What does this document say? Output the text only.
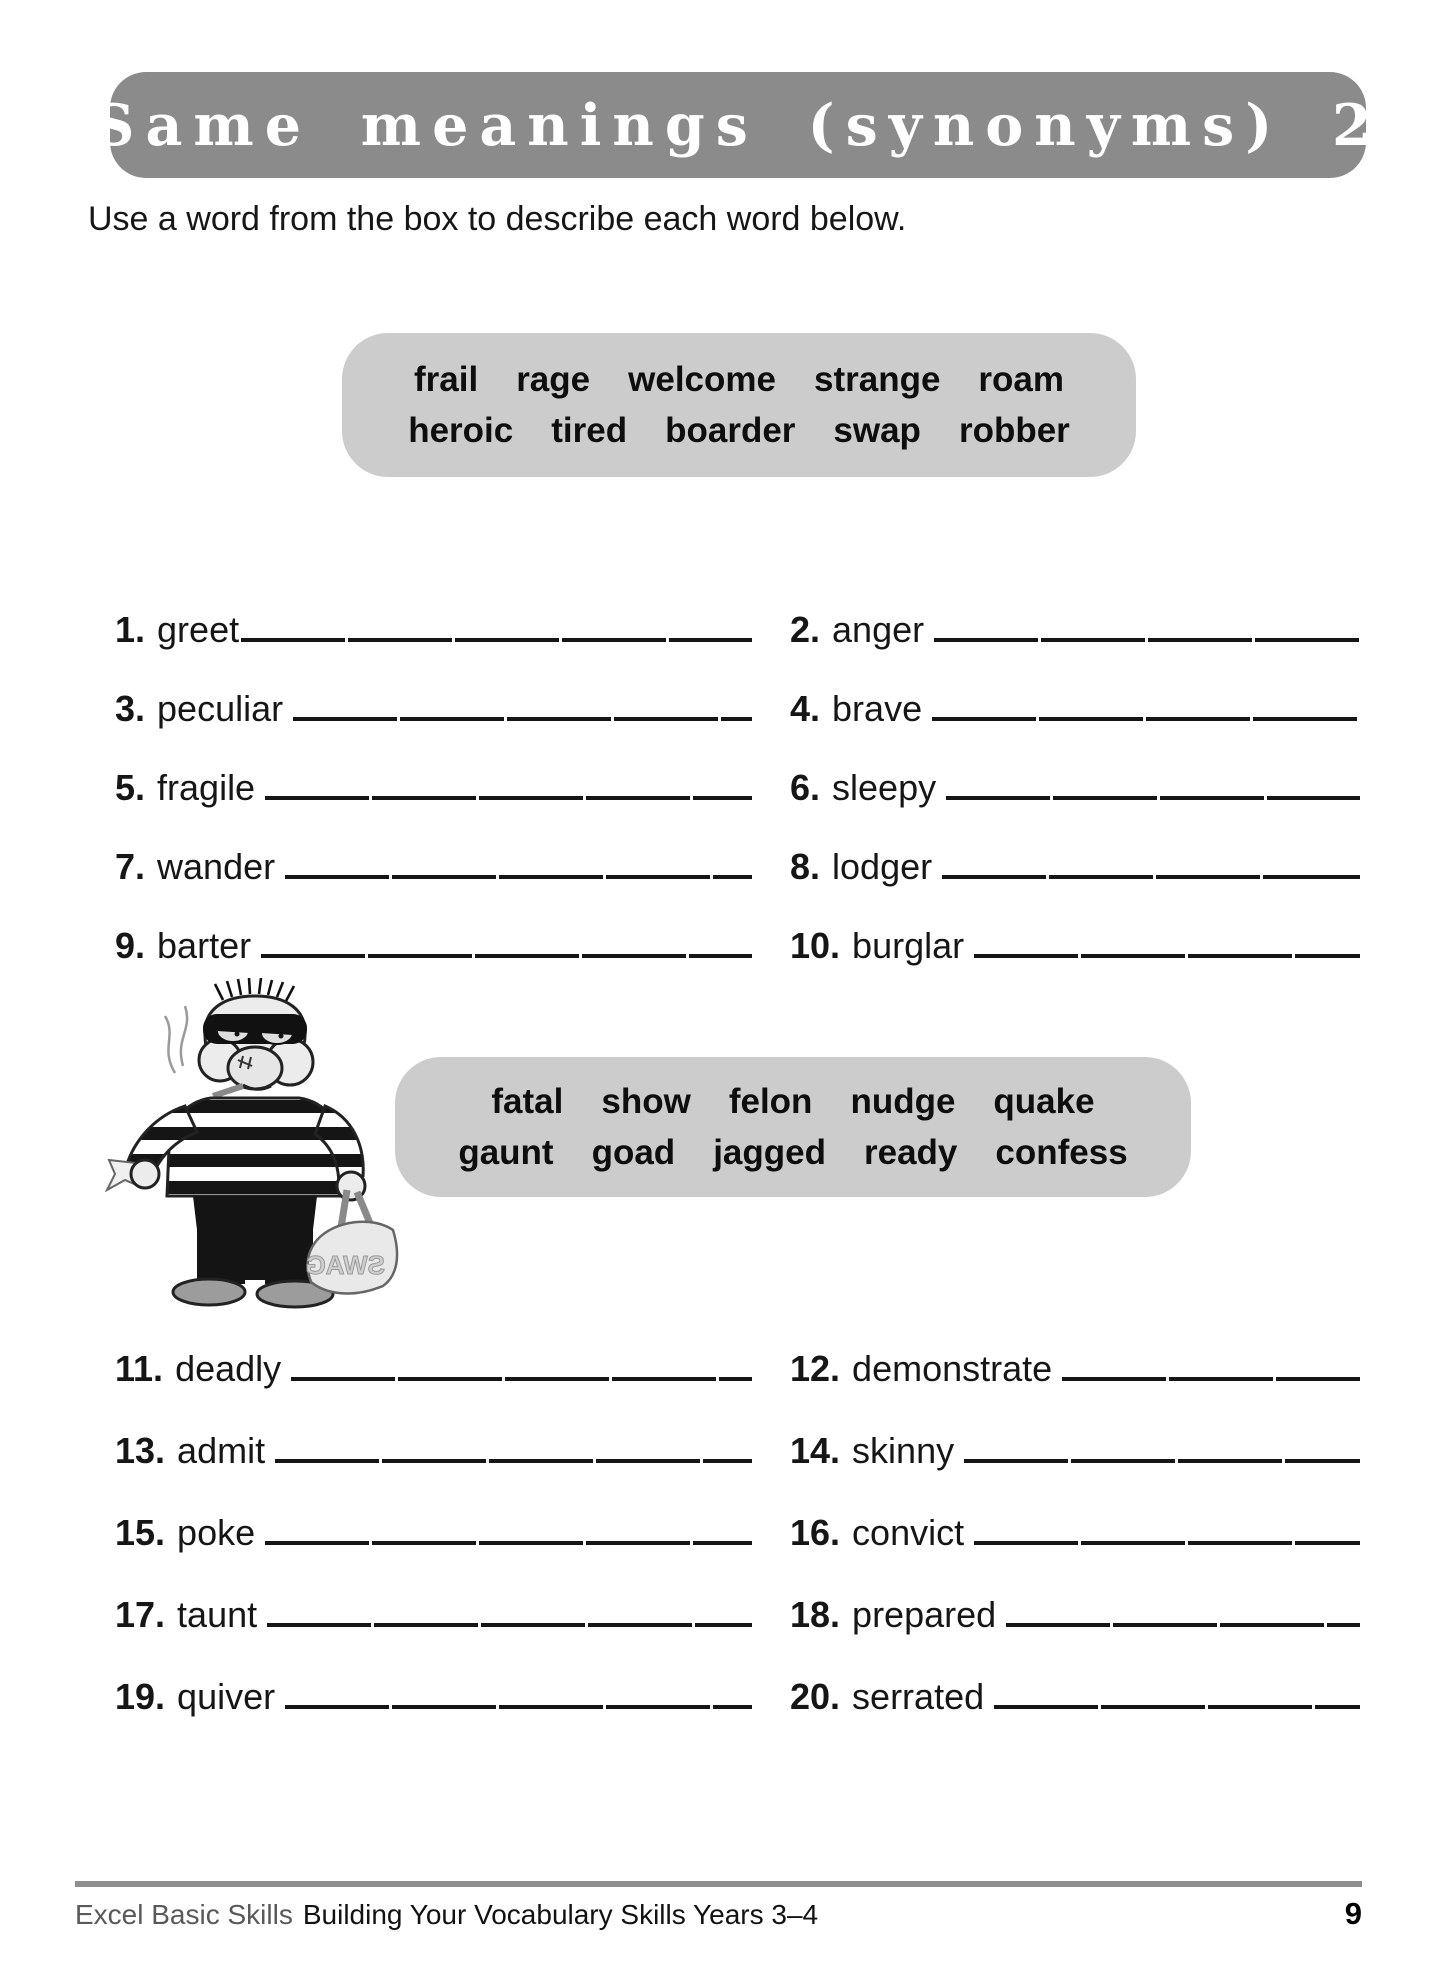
Same meanings (synonyms) 2

Use a word from the box to describe each word below.

frail rage welcome strange roam
heroic tired boarder swap robber
1. greet	2. anger
3. peculiar	4. brave
5. fragile	6. sleepy
7. wander	8. lodger
9. barter	10. burglar
SWAG
fatal show felon nudge quake
gaunt goad jagged ready confess
11. deadly	12. demonstrate
13. admit	14. skinny
15. poke	16. convict
17. taunt	18. prepared
19. quiver	20. serrated
Excel Basic Skills Building Your Vocabulary Skills Years 3–4	9
